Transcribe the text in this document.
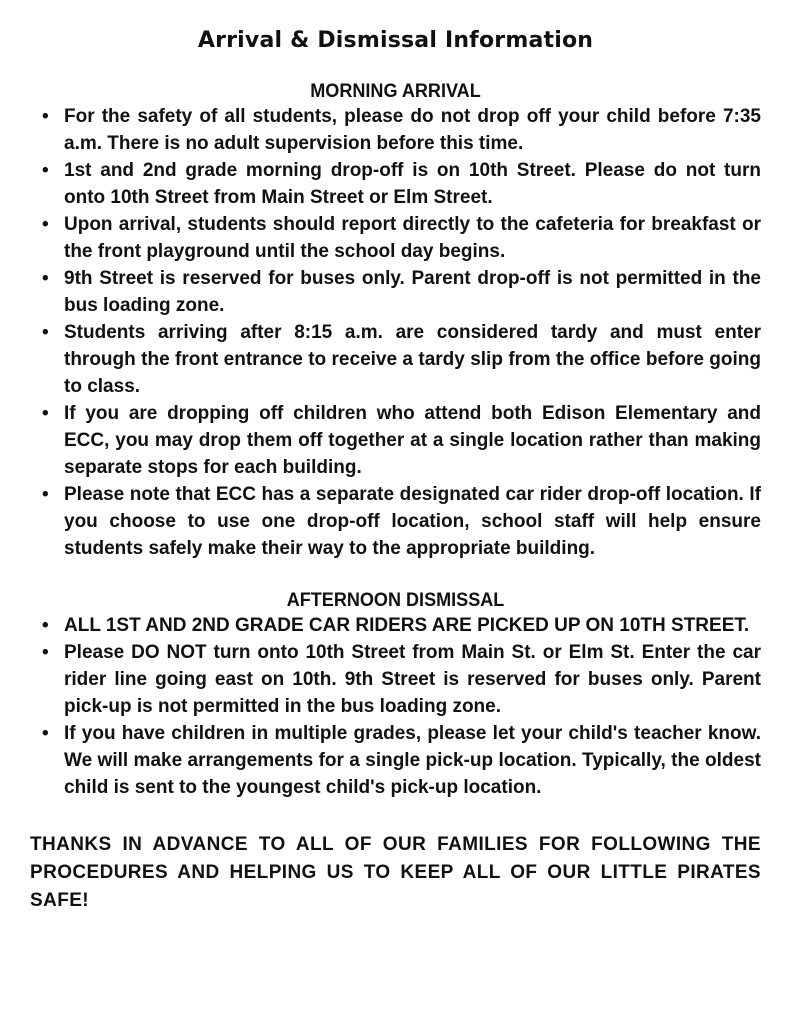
Arrival & Dismissal Information
MORNING ARRIVAL
• For the safety of all students, please do not drop off your child before 7:35 a.m. There is no adult supervision before this time.
• 1st and 2nd grade morning drop-off is on 10th Street. Please do not turn onto 10th Street from Main Street or Elm Street.
• Upon arrival, students should report directly to the cafeteria for breakfast or the front playground until the school day begins.
• 9th Street is reserved for buses only. Parent drop-off is not permitted in the bus loading zone.
• Students arriving after 8:15 a.m. are considered tardy and must enter through the front entrance to receive a tardy slip from the office before going to class.
• If you are dropping off children who attend both Edison Elementary and ECC, you may drop them off together at a single location rather than making separate stops for each building.
• Please note that ECC has a separate designated car rider drop-off location. If you choose to use one drop-off location, school staff will help ensure students safely make their way to the appropriate building.
AFTERNOON DISMISSAL
• ALL 1ST AND 2ND GRADE CAR RIDERS ARE PICKED UP ON 10TH STREET.
• Please DO NOT turn onto 10th Street from Main St. or Elm St. Enter the car rider line going east on 10th. 9th Street is reserved for buses only. Parent pick-up is not permitted in the bus loading zone.
• If you have children in multiple grades, please let your child's teacher know. We will make arrangements for a single pick-up location. Typically, the oldest child is sent to the youngest child's pick-up location.

THANKS IN ADVANCE TO ALL OF OUR FAMILIES FOR FOLLOWING THE PROCEDURES AND HELPING US TO KEEP ALL OF OUR LITTLE PIRATES SAFE!
